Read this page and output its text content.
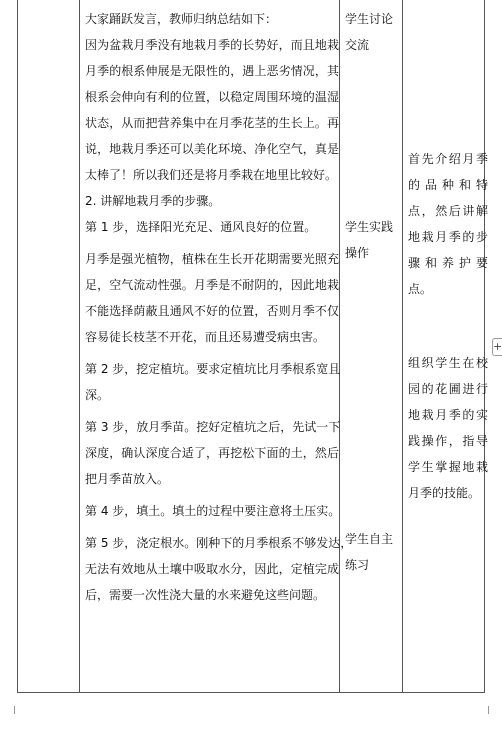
大家踊跃发言，教师归纳总结如下：
因为盆栽月季没有地栽月季的长势好，而且地栽
月季的根系伸展是无限性的，遇上恶劣情况，其
根系会伸向有利的位置，以稳定周围环境的温湿
状态，从而把营养集中在月季花茎的生长上。再
说，地栽月季还可以美化环境、净化空气，真是
太棒了！所以我们还是将月季栽在地里比较好。
2. 讲解地栽月季的步骤。
第 1 步，选择阳光充足、通风良好的位置。
月季是强光植物，植株在生长开花期需要光照充
足，空气流动性强。月季是不耐阴的，因此地栽
不能选择荫蔽且通风不好的位置，否则月季不仅
容易徒长枝茎不开花，而且还易遭受病虫害。
第 2 步，挖定植坑。要求定植坑比月季根系宽且
深。
第 3 步，放月季苗。挖好定植坑之后，先试一下
深度，确认深度合适了，再挖松下面的土，然后
把月季苗放入。
第 4 步，填土。填土的过程中要注意将土压实。
第 5 步，浇定根水。刚种下的月季根系不够发达，
无法有效地从土壤中吸取水分，因此，定植完成
后，需要一次性浇大量的水来避免这些问题。
学生讨论
交流
学生实践
操作
学生自主
练习
首先介绍月季
的品种和特
点，然后讲解
地栽月季的步
骤和养护要
点。
组织学生在校
园的花圃进行
地栽月季的实
践操作，指导
学生掌握地栽
月季的技能。
+
